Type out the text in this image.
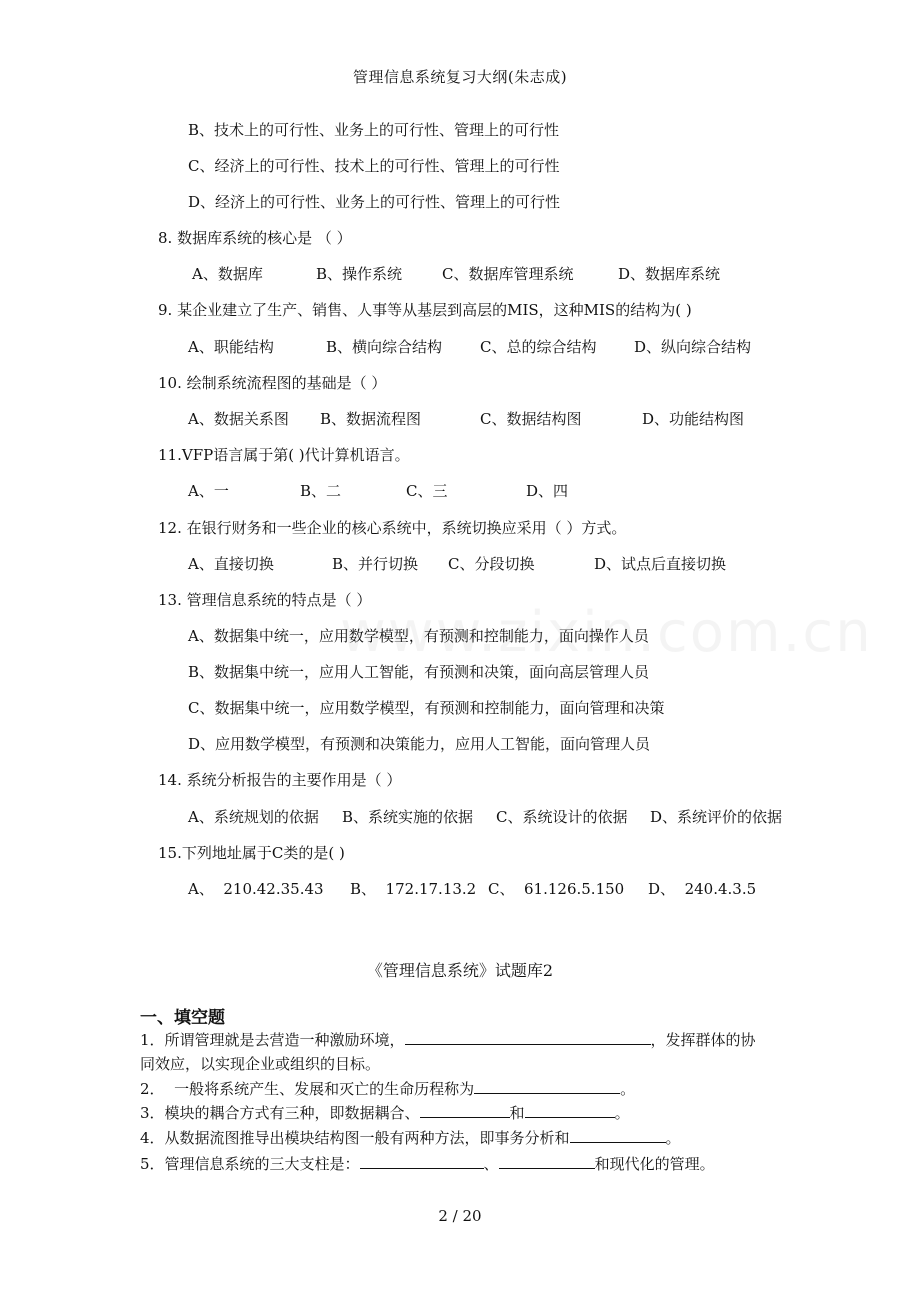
管理信息系统复习大纲(朱志成)
B、技术上的可行性、业务上的可行性、管理上的可行性
C、经济上的可行性、技术上的可行性、管理上的可行性
D、经济上的可行性、业务上的可行性、管理上的可行性
8. 数据库系统的核心是 （ ）
A、数据库	B、操作系统	C、数据库管理系统	D、数据库系统
9. 某企业建立了生产、销售、人事等从基层到高层的MIS，这种MIS的结构为( )
A、职能结构	B、横向综合结构	C、总的综合结构	D、纵向综合结构
10. 绘制系统流程图的基础是（ ）
A、数据关系图	B、数据流程图	C、数据结构图	D、功能结构图
11.VFP语言属于第( )代计算机语言。
A、一	B、二	C、三	D、四
12. 在银行财务和一些企业的核心系统中，系统切换应采用（ ）方式。
A、直接切换	B、并行切换	C、分段切换	D、试点后直接切换
13. 管理信息系统的特点是（ ）
A、数据集中统一，应用数学模型，有预测和控制能力，面向操作人员
B、数据集中统一，应用人工智能，有预测和决策，面向高层管理人员
C、数据集中统一，应用数学模型，有预测和控制能力，面向管理和决策
D、应用数学模型，有预测和决策能力，应用人工智能，面向管理人员
14. 系统分析报告的主要作用是（ ）
A、系统规划的依据	B、系统实施的依据	C、系统设计的依据	D、系统评价的依据
15.下列地址属于C类的是( )
A、  210.42.35.43	B、  172.17.13.2 C、  61.126.5.150	D、  240.4.3.5
《管理信息系统》试题库2
一、填空题
1．所谓管理就是去营造一种激励环境，	，发挥群体的协
同效应，以实现企业或组织的目标。
2．  一般将系统产生、发展和灭亡的生命历程称为	。
3．模块的耦合方式有三种，即数据耦合、	和	。
4．从数据流图推导出模块结构图一般有两种方法，即事务分析和	。
5．管理信息系统的三大支柱是：	、	和现代化的管理。
2 / 20
